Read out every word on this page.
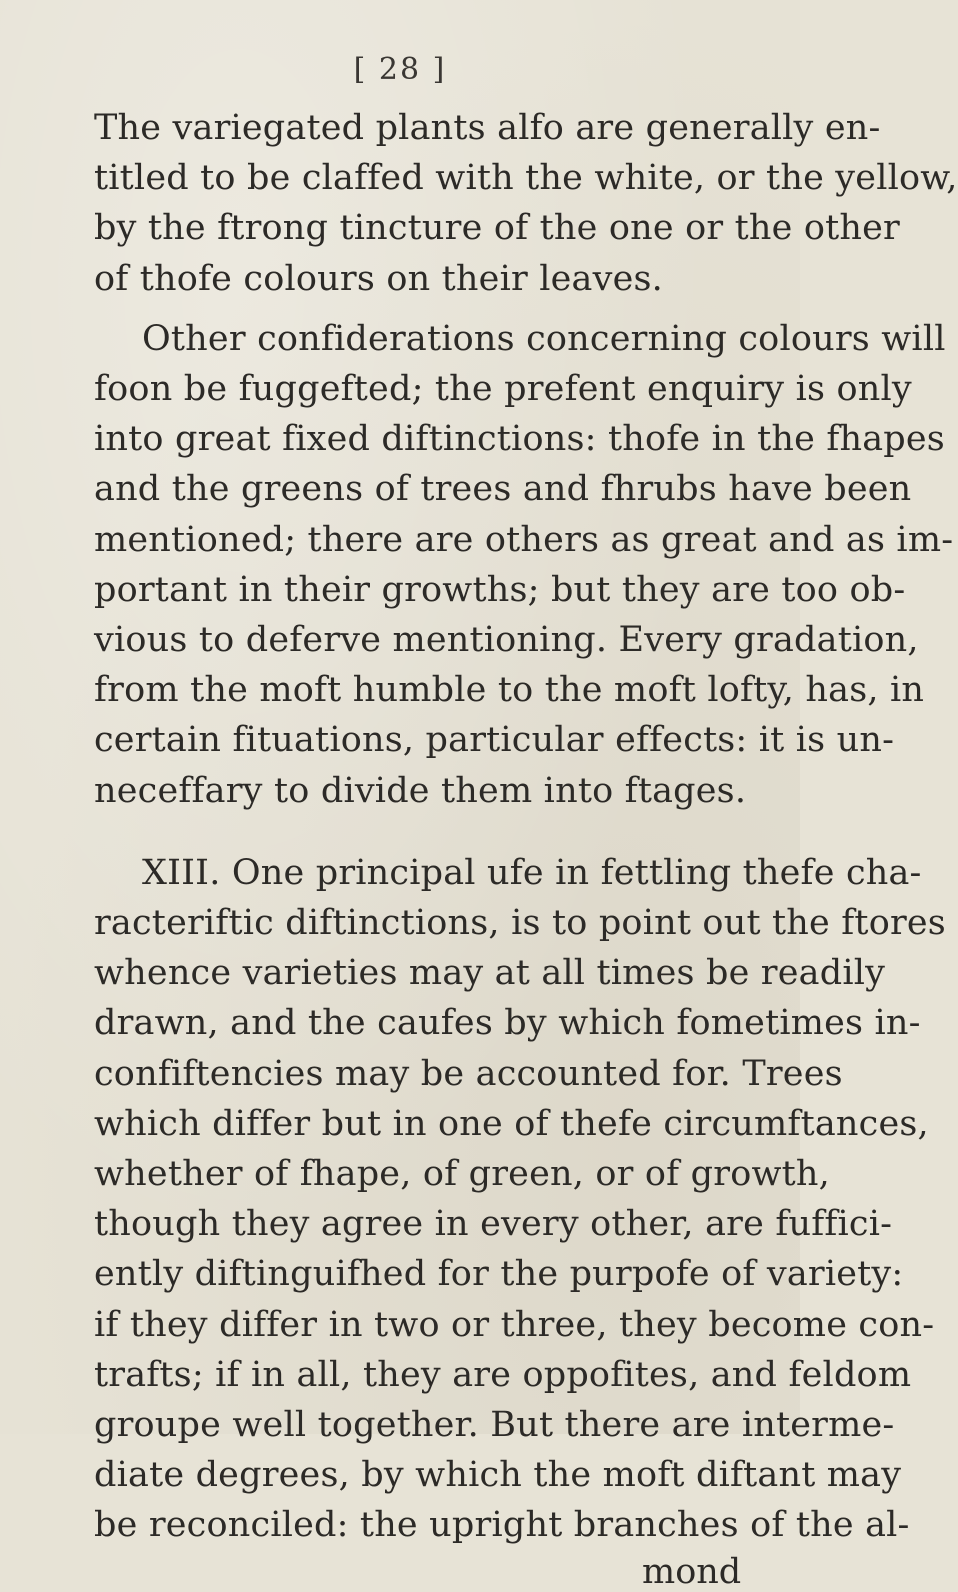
[ 28 ]
The variegated plants alfo are generally en-
titled to be claffed with the white, or the yellow,
by the ftrong tincture of the one or the other
of thofe colours on their leaves.
Other confiderations concerning colours will
foon be fuggefted; the prefent enquiry is only
into great fixed diftinctions: thofe in the fhapes
and the greens of trees and fhrubs have been
mentioned; there are others as great and as im-
portant in their growths; but they are too ob-
vious to deferve mentioning. Every gradation,
from the moft humble to the moft lofty, has, in
certain fituations, particular effects: it is un-
neceffary to divide them into ftages.
XIII. One principal ufe in fettling thefe cha-
racteriftic diftinctions, is to point out the ftores
whence varieties may at all times be readily
drawn, and the caufes by which fometimes in-
confiftencies may be accounted for. Trees
which differ but in one of thefe circumftances,
whether of fhape, of green, or of growth,
though they agree in every other, are fuffici-
ently diftinguifhed for the purpofe of variety:
if they differ in two or three, they become con-
trafts; if in all, they are oppofites, and feldom
groupe well together. But there are interme-
diate degrees, by which the moft diftant may
be reconciled: the upright branches of the al-
mond
